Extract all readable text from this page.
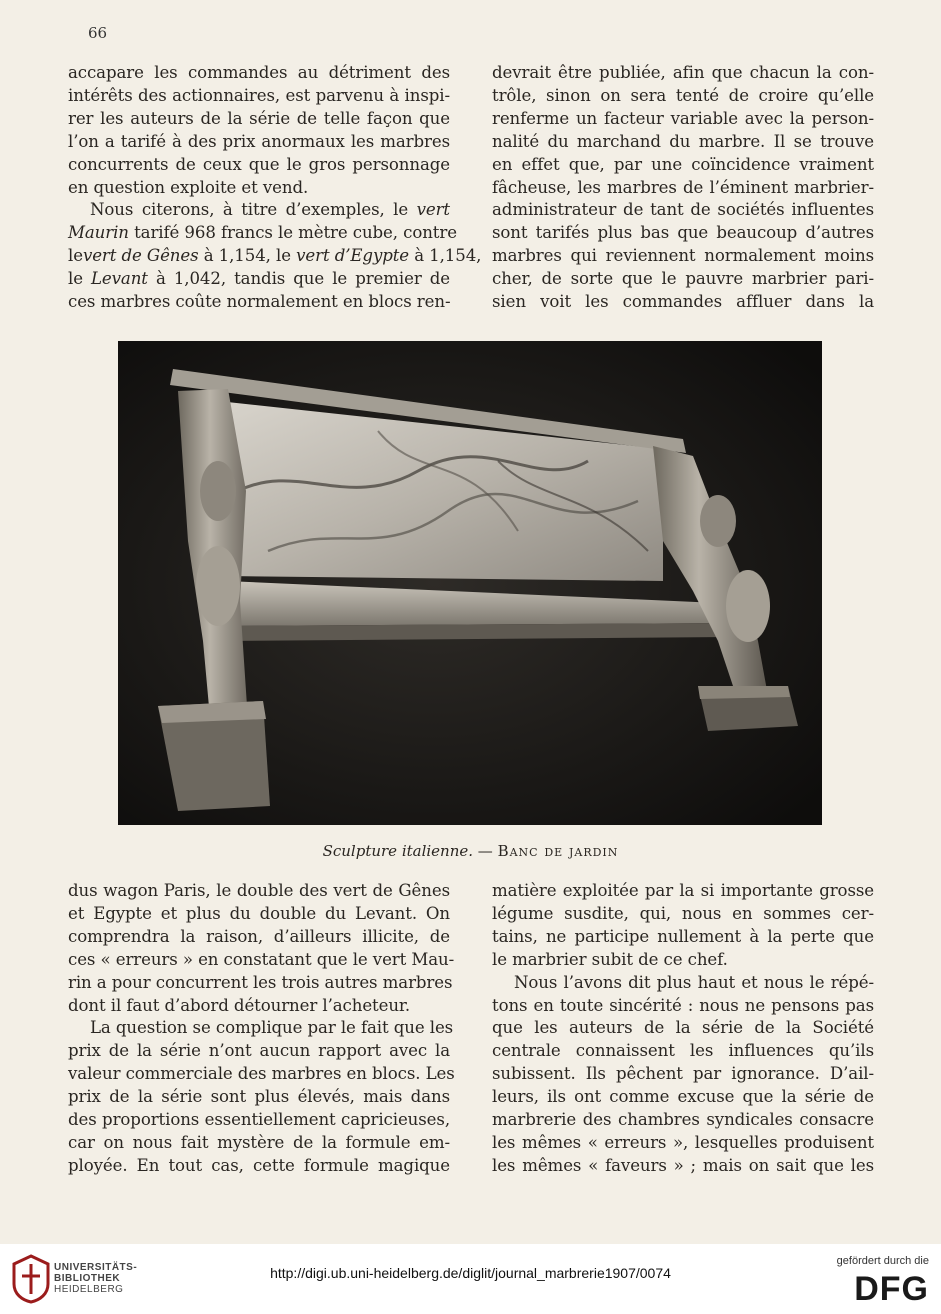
66
accapare les commandes au détriment des
intérêts des actionnaires, est parvenu à inspi-
rer les auteurs de la série de telle façon que
l’on a tarifé à des prix anormaux les marbres
concurrents de ceux que le gros personnage
en question exploite et vend.
Nous citerons, à titre d’exemples, le vert
Maurin tarifé 968 francs le mètre cube, contre
levert de Gênes à 1,154, le vert d’Egypte à 1,154,
le Levant à 1,042, tandis que le premier de
ces marbres coûte normalement en blocs ren-
devrait être publiée, afin que chacun la con-
trôle, sinon on sera tenté de croire qu’elle
renferme un facteur variable avec la person-
nalité du marchand du marbre. Il se trouve
en effet que, par une coïncidence vraiment
fâcheuse, les marbres de l’éminent marbrier-
administrateur de tant de sociétés influentes
sont tarifés plus bas que beaucoup d’autres
marbres qui reviennent normalement moins
cher, de sorte que le pauvre marbrier pari-
sien voit les commandes affluer dans la
Sculpture italienne. — Banc de jardin
dus wagon Paris, le double des vert de Gênes
et Egypte et plus du double du Levant. On
comprendra la raison, d’ailleurs illicite, de
ces « erreurs » en constatant que le vert Mau-
rin a pour concurrent les trois autres marbres
dont il faut d’abord détourner l’acheteur.
La question se complique par le fait que les
prix de la série n’ont aucun rapport avec la
valeur commerciale des marbres en blocs. Les
prix de la série sont plus élevés, mais dans
des proportions essentiellement capricieuses,
car on nous fait mystère de la formule em-
ployée. En tout cas, cette formule magique
matière exploitée par la si importante grosse
légume susdite, qui, nous en sommes cer-
tains, ne participe nullement à la perte que
le marbrier subit de ce chef.
Nous l’avons dit plus haut et nous le répé-
tons en toute sincérité : nous ne pensons pas
que les auteurs de la série de la Société
centrale connaissent les influences qu’ils
subissent. Ils pêchent par ignorance. D’ail-
leurs, ils ont comme excuse que la série de
marbrerie des chambres syndicales consacre
les mêmes « erreurs », lesquelles produisent
les mêmes « faveurs » ; mais on sait que les
UNIVERSITÄTS-
BIBLIOTHEK
HEIDELBERG
http://digi.ub.uni-heidelberg.de/diglit/journal_marbrerie1907/0074
gefördert durch die
DFG
